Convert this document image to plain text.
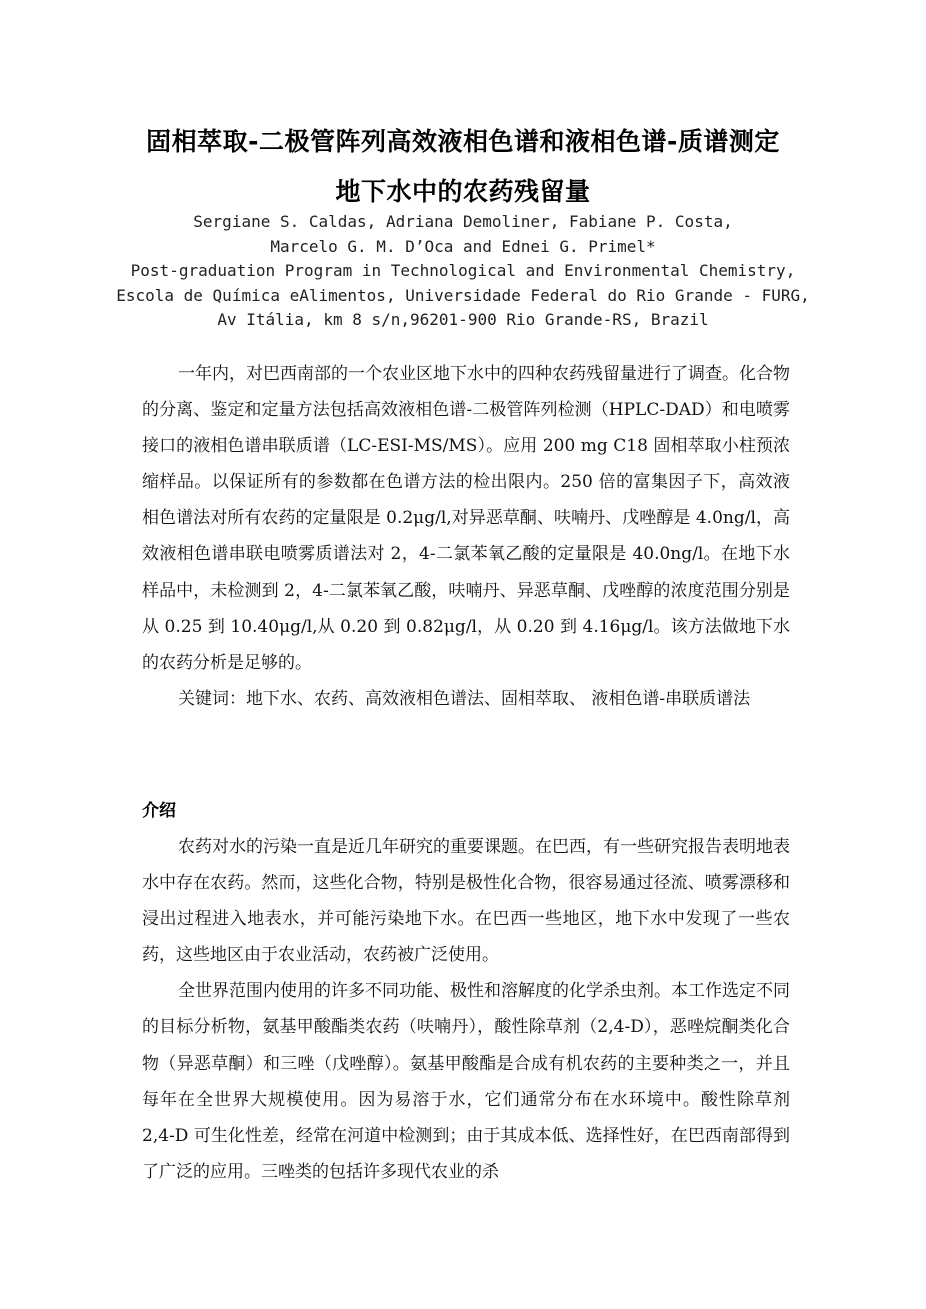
固相萃取-二极管阵列高效液相色谱和液相色谱-质谱测定
地下水中的农药残留量
Sergiane S. Caldas, Adriana Demoliner, Fabiane P. Costa,
Marcelo G. M. D’Oca and Ednei G. Primel*
Post-graduation Program in Technological and Environmental Chemistry,
Escola de Química eAlimentos, Universidade Federal do Rio Grande - FURG,
Av Itália, km 8 s/n,96201-900 Rio Grande-RS, Brazil

一年内，对巴西南部的一个农业区地下水中的四种农药残留量进行了调查。化合物的分离、鉴定和定量方法包括高效液相色谱-二极管阵列检测（HPLC-DAD）和电喷雾接口的液相色谱串联质谱（LC-ESI-MS/MS）。应用 200 mg C18 固相萃取小柱预浓缩样品。以保证所有的参数都在色谱方法的检出限内。250 倍的富集因子下，高效液相色谱法对所有农药的定量限是 0.2μg/l,对异恶草酮、呋喃丹、戊唑醇是 4.0ng/l，高效液相色谱串联电喷雾质谱法对 2，4-二氯苯氧乙酸的定量限是 40.0ng/l。在地下水样品中，未检测到 2，4-二氯苯氧乙酸，呋喃丹、异恶草酮、戊唑醇的浓度范围分别是从 0.25 到 10.40μg/l,从 0.20 到 0.82μg/l，从 0.20 到 4.16μg/l。该方法做地下水的农药分析是足够的。

关键词：地下水、农药、高效液相色谱法、固相萃取、 液相色谱-串联质谱法

介绍

农药对水的污染一直是近几年研究的重要课题。在巴西，有一些研究报告表明地表水中存在农药。然而，这些化合物，特别是极性化合物，很容易通过径流、喷雾漂移和浸出过程进入地表水，并可能污染地下水。在巴西一些地区，地下水中发现了一些农药，这些地区由于农业活动，农药被广泛使用。

全世界范围内使用的许多不同功能、极性和溶解度的化学杀虫剂。本工作选定不同的目标分析物，氨基甲酸酯类农药（呋喃丹），酸性除草剂（2,4-D），恶唑烷酮类化合物（异恶草酮）和三唑（戊唑醇）。氨基甲酸酯是合成有机农药的主要种类之一，并且每年在全世界大规模使用。因为易溶于水，它们通常分布在水环境中。酸性除草剂 2,4-D 可生化性差，经常在河道中检测到；由于其成本低、选择性好，在巴西南部得到了广泛的应用。三唑类的包括许多现代农业的杀
